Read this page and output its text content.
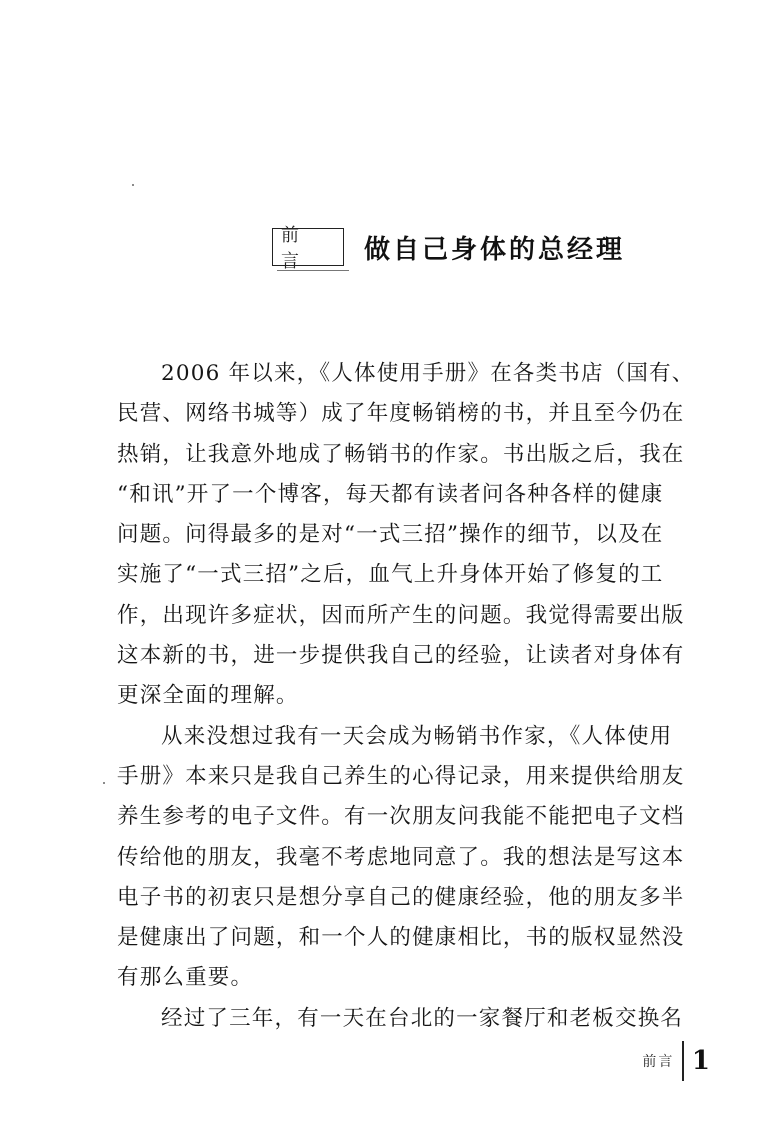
前 言	做自己身体的总经理
2006 年以来，《人体使用手册》在各类书店（国有、
民营、网络书城等）成了年度畅销榜的书，并且至今仍在
热销，让我意外地成了畅销书的作家。书出版之后，我在
“和讯”开了一个博客，每天都有读者问各种各样的健康
问题。问得最多的是对“一式三招”操作的细节，以及在
实施了“一式三招”之后，血气上升身体开始了修复的工
作，出现许多症状，因而所产生的问题。我觉得需要出版
这本新的书，进一步提供我自己的经验，让读者对身体有
更深全面的理解。
从来没想过我有一天会成为畅销书作家，《人体使用
手册》本来只是我自己养生的心得记录，用来提供给朋友
养生参考的电子文件。有一次朋友问我能不能把电子文档
传给他的朋友，我毫不考虑地同意了。我的想法是写这本
电子书的初衷只是想分享自己的健康经验，他的朋友多半
是健康出了问题，和一个人的健康相比，书的版权显然没
有那么重要。
经过了三年，有一天在台北的一家餐厅和老板交换名
前言 1
